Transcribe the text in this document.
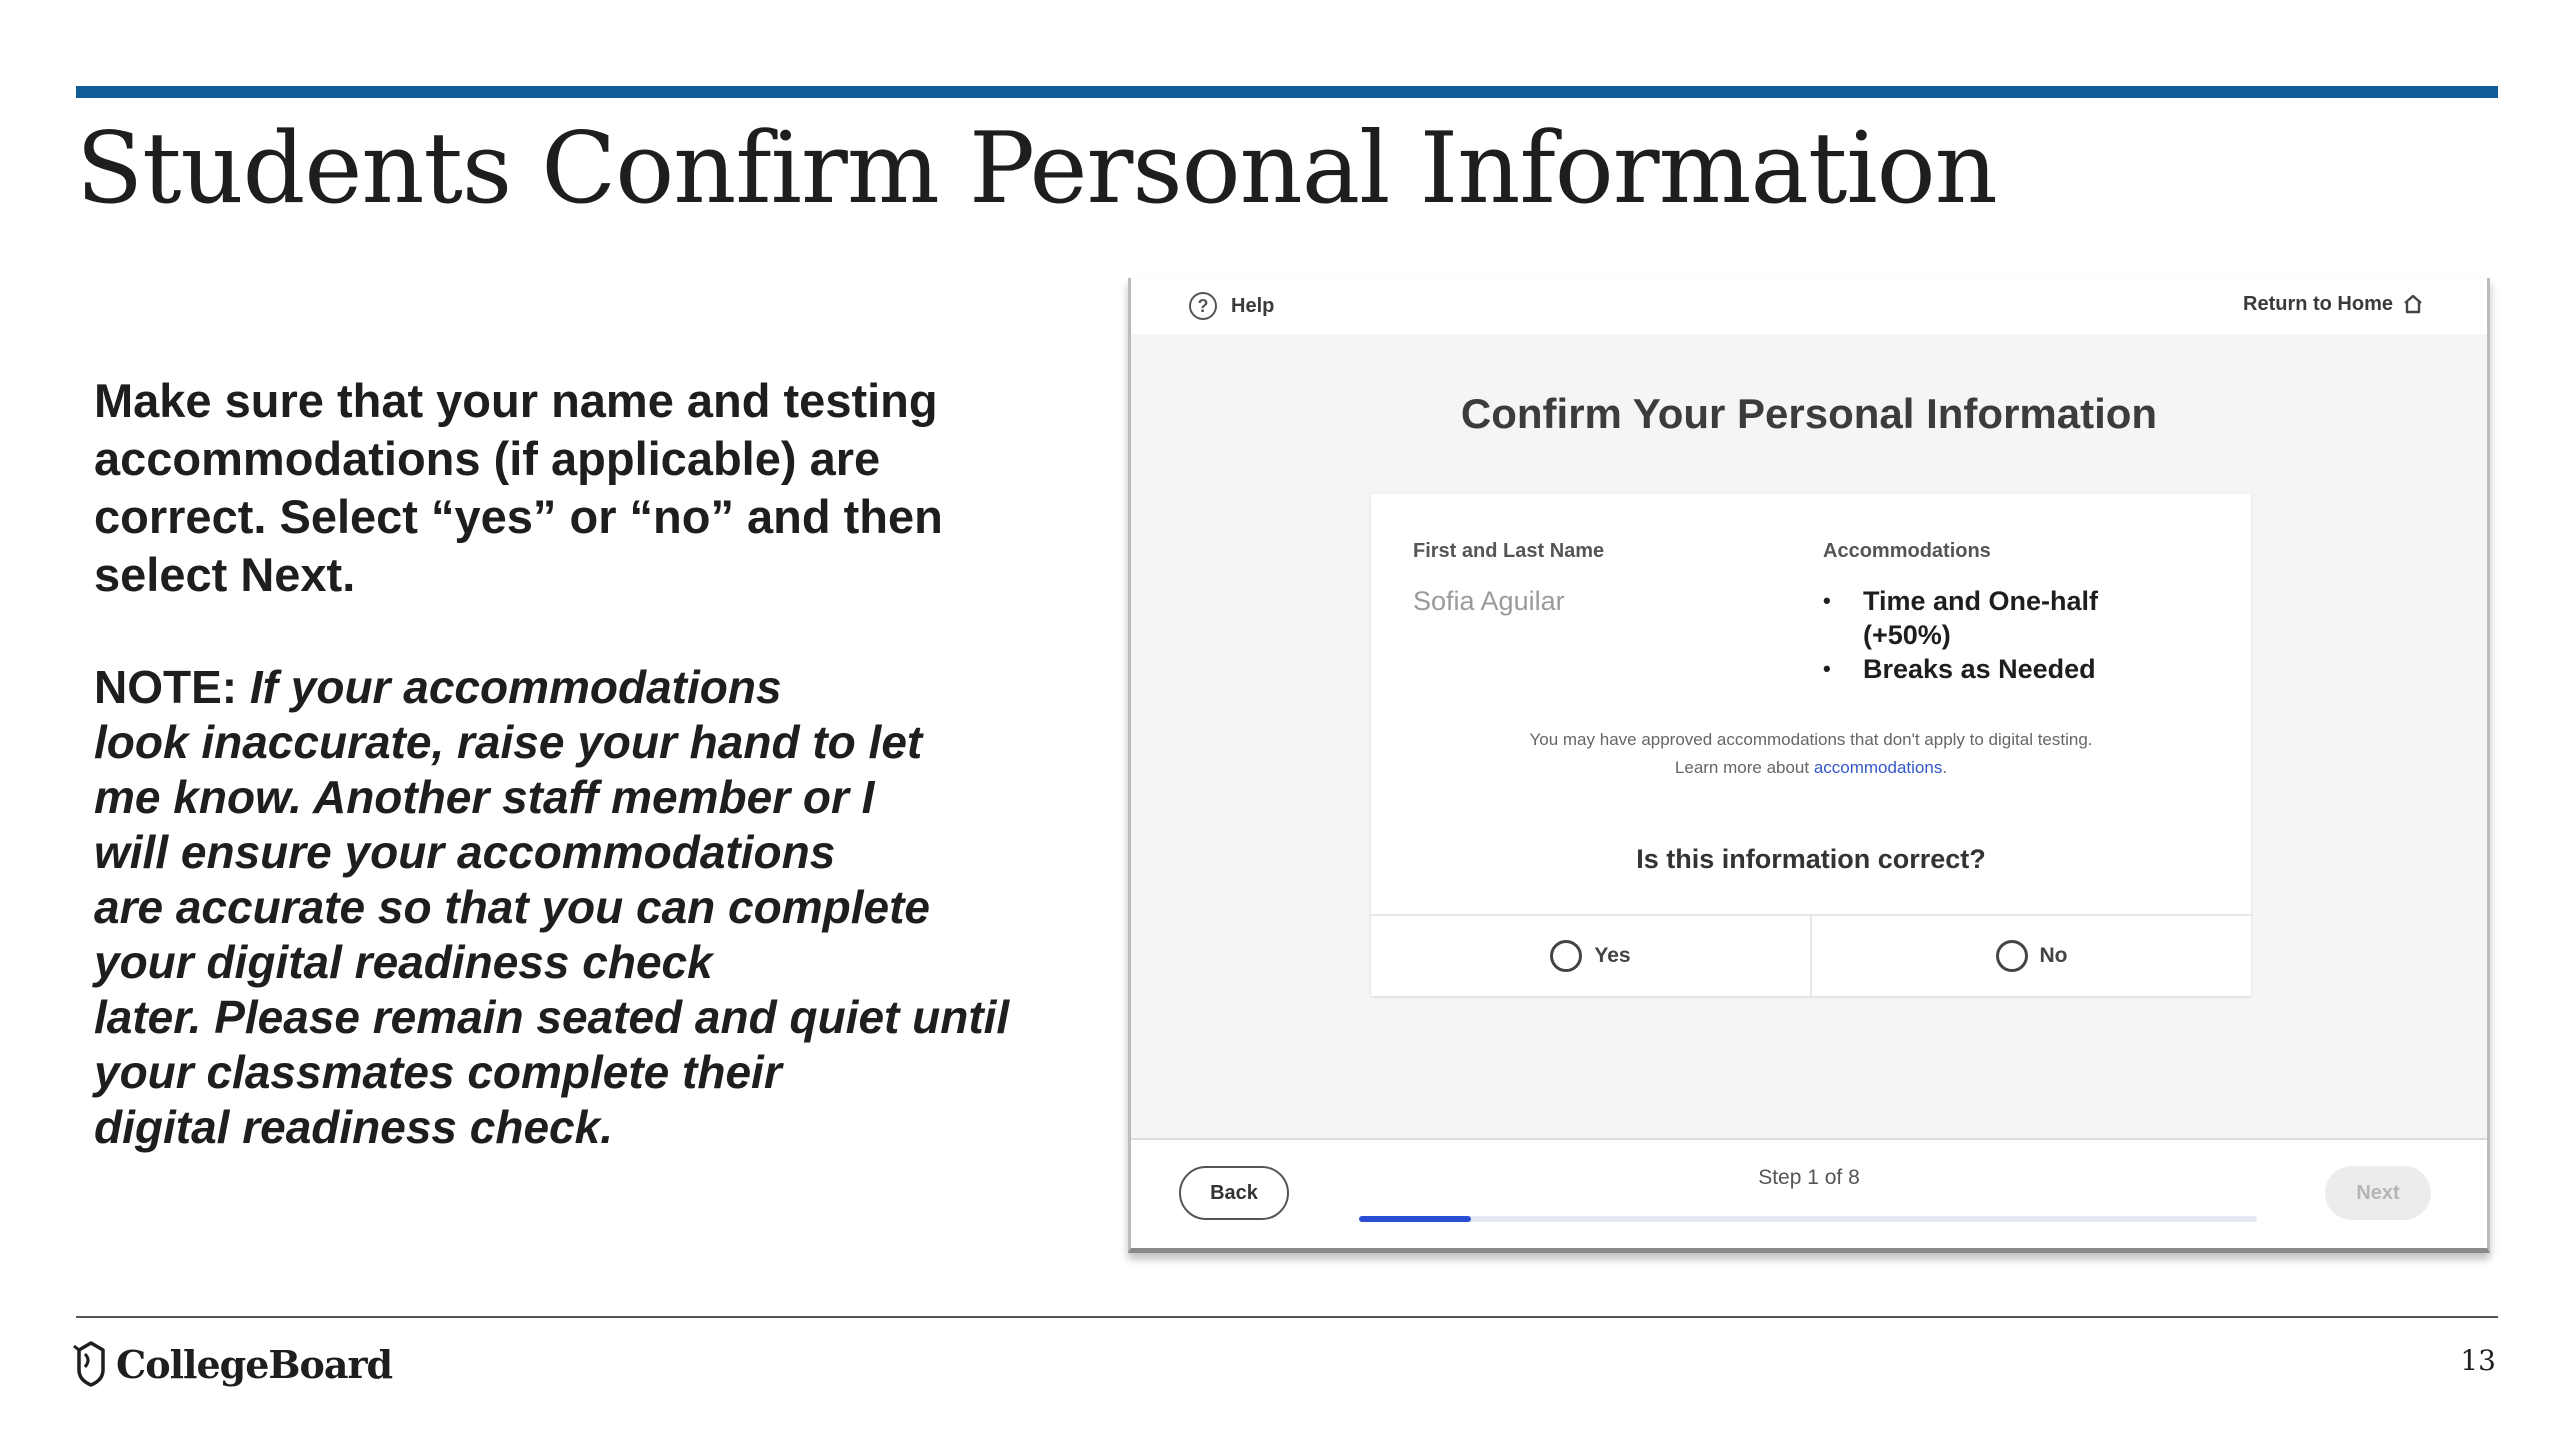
Students Confirm Personal Information

Make sure that your name and testing accommodations (if applicable) are correct. Select “yes” or “no” and then select Next.

NOTE: If your accommodations
look inaccurate, raise your hand to let
me know. Another staff member or I
will ensure your accommodations
are accurate so that you can complete
your digital readiness check
later. Please remain seated and quiet until
your classmates complete their
digital readiness check.

?	Help	Return to Home
Confirm Your Personal Information
First and Last Name
Sofia Aguilar
Accommodations
• Time and One-half (+50%)
• Breaks as Needed
You may have approved accommodations that don't apply to digital testing.
Learn more about accommodations.
Is this information correct?
Yes	No
Back
Step 1 of 8
Next
CollegeBoard	13
